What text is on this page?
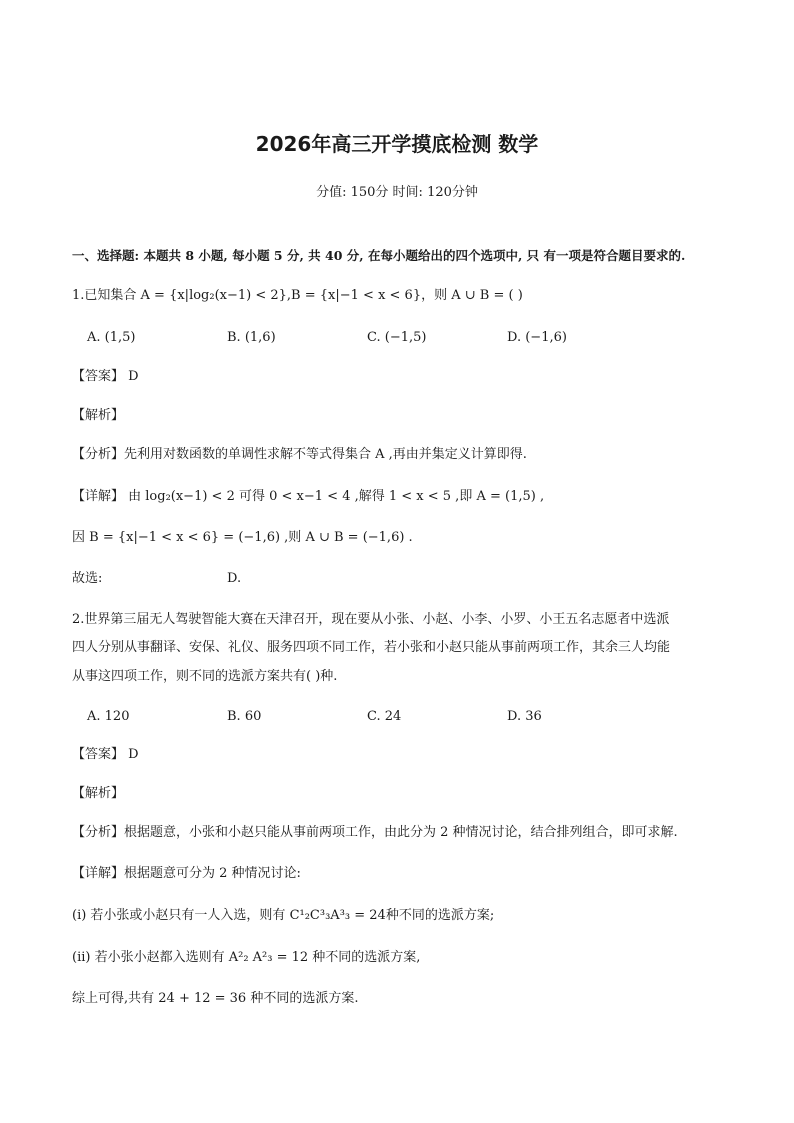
2026年高三开学摸底检测 数学
分值: 150分 时间: 120分钟
一、选择题: 本题共 8 小题, 每小题 5 分, 共 40 分, 在每小题给出的四个选项中, 只 有一项是符合题目要求的.
1.已知集合 A = {x|log₂(x−1) < 2},B = {x|−1 < x < 6}，则 A ∪ B = ( )
A. (1,5)	B. (1,6)	C. (−1,5)	D. (−1,6)
【答案】 D
【解析】
【分析】先利用对数函数的单调性求解不等式得集合 A ,再由并集定义计算即得.
【详解】 由 log₂(x−1) < 2 可得 0 < x−1 < 4 ,解得 1 < x < 5 ,即 A = (1,5) ,
因 B = {x|−1 < x < 6} = (−1,6) ,则 A ∪ B = (−1,6) .
故选:	D.
2.世界第三届无人驾驶智能大赛在天津召开，现在要从小张、小赵、小李、小罗、小王五名志愿者中选派
四人分别从事翻译、安保、礼仪、服务四项不同工作，若小张和小赵只能从事前两项工作，其余三人均能
从事这四项工作，则不同的选派方案共有( )种.
A. 120	B. 60	C. 24	D. 36
【答案】 D
【解析】
【分析】根据题意，小张和小赵只能从事前两项工作，由此分为 2 种情况讨论，结合排列组合，即可求解.
【详解】根据题意可分为 2 种情况讨论:
(i) 若小张或小赵只有一人入选，则有 C¹₂C³₃A³₃ = 24种不同的选派方案;
(ii) 若小张小赵都入选则有 A²₂ A²₃ = 12 种不同的选派方案,
综上可得,共有 24 + 12 = 36 种不同的选派方案.
